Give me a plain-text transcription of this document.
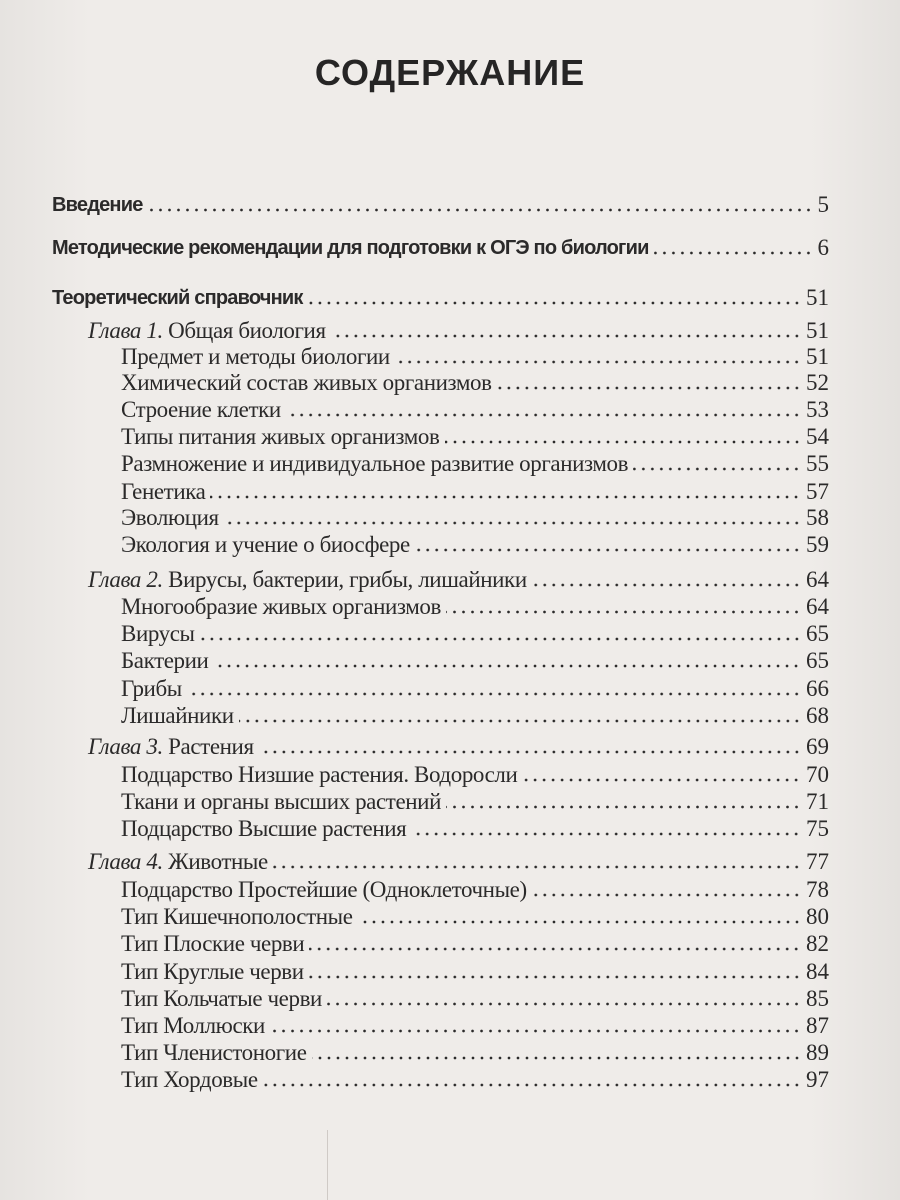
СОДЕРЖАНИЕ
Введение	5
Методические рекомендации для подготовки к ОГЭ по биологии	6
Теоретический справочник	51
Глава 1. Общая биология	51
Предмет и методы биологии	51
Химический состав живых организмов	52
Строение клетки	53
Типы питания живых организмов	54
Размножение и индивидуальное развитие организмов	55
Генетика	57
Эволюция	58
Экология и учение о биосфере	59
Глава 2. Вирусы, бактерии, грибы, лишайники	64
Многообразие живых организмов	64
Вирусы	65
Бактерии	65
Грибы	66
Лишайники	68
Глава 3. Растения	69
Подцарство Низшие растения. Водоросли	70
Ткани и органы высших растений	71
Подцарство Высшие растения	75
Глава 4. Животные	77
Подцарство Простейшие (Одноклеточные)	78
Тип Кишечнополостные	80
Тип Плоские черви	82
Тип Круглые черви	84
Тип Кольчатые черви	85
Тип Моллюски	87
Тип Членистоногие	89
Тип Хордовые	97
